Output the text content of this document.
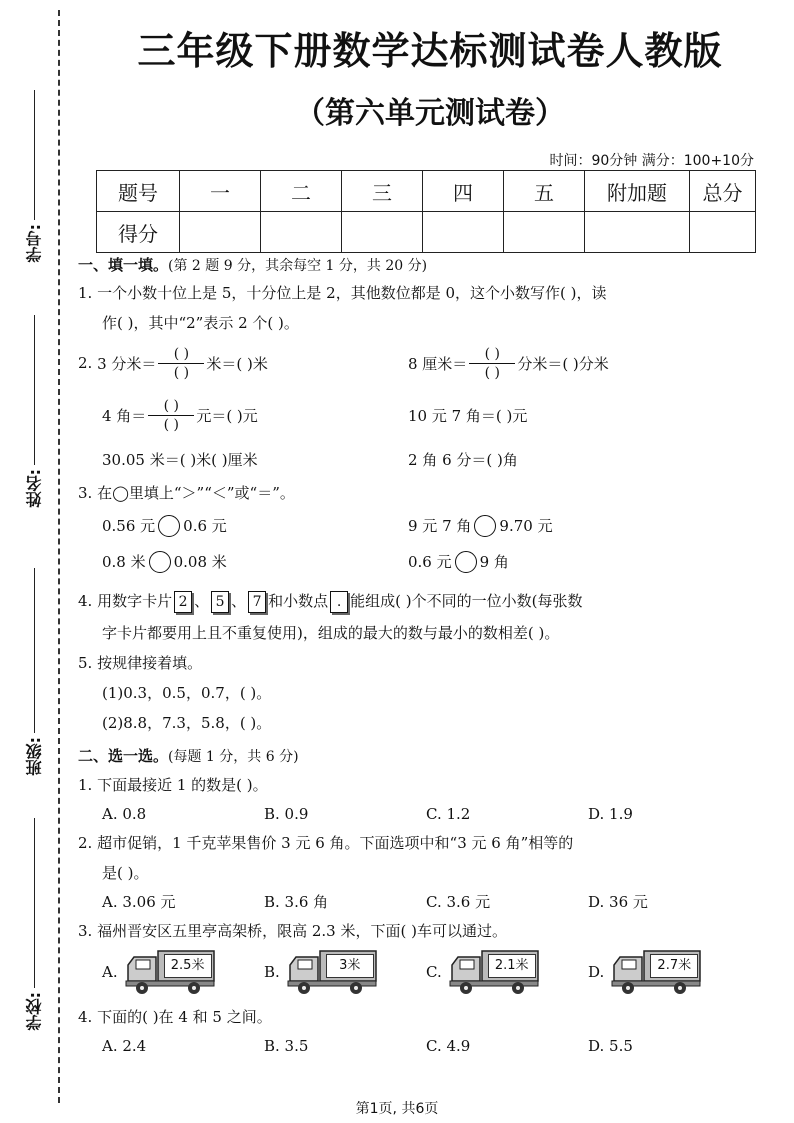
学号:
姓名:
班级:
学校:
三年级下册数学达标测试卷人教版
（第六单元测试卷）
时间：90分钟 满分：100+10分
题号	一	二	三	四	五	附加题	总分
得分							
一、填一填。(第 2 题 9 分，其余每空 1 分，共 20 分)
1. 一个小数十位上是 5，十分位上是 2，其他数位都是 0，这个小数写作( )，读
作( )，其中“2”表示 2 个( )。
2.
3 分米＝ $\frac{( )}{( )}$ 米＝( )米	8 厘米＝ $\frac{( )}{( )}$ 分米＝( )分米
4 角＝ $\frac{( )}{( )}$ 元＝( )元	10 元 7 角＝( )元
30.05 米＝( )米( )厘米	2 角 6 分＝( )角
3. 在◯里填上“＞”“＜”或“＝”。
0.56 元 0.6 元	9 元 7 角 9.70 元
0.8 米 0.08 米	0.6 元 9 角
4. 用数字卡片 2 、 5 、 7 和小数点 . 能组成( )个不同的一位小数(每张数
字卡片都要用上且不重复使用)，组成的最大的数与最小的数相差( )。
5. 按规律接着填。
(1)0.3，0.5，0.7，( )。
(2)8.8，7.3，5.8，( )。
二、选一选。(每题 1 分，共 6 分)
1. 下面最接近 1 的数是( )。
A. 0.8	B. 0.9	C. 1.2	D. 1.9
2. 超市促销，1 千克苹果售价 3 元 6 角。下面选项中和“3 元 6 角”相等的
是( )。
A. 3.06 元	B. 3.6 角	C. 3.6 元	D. 36 元
3. 福州晋安区五里亭高架桥，限高 2.3 米，下面( )车可以通过。
A.	2.5米	B.	3米	C.	2.1米	D.	2.7米
4. 下面的( )在 4 和 5 之间。
A. 2.4	B. 3.5	C. 4.9	D. 5.5
第1页, 共6页
